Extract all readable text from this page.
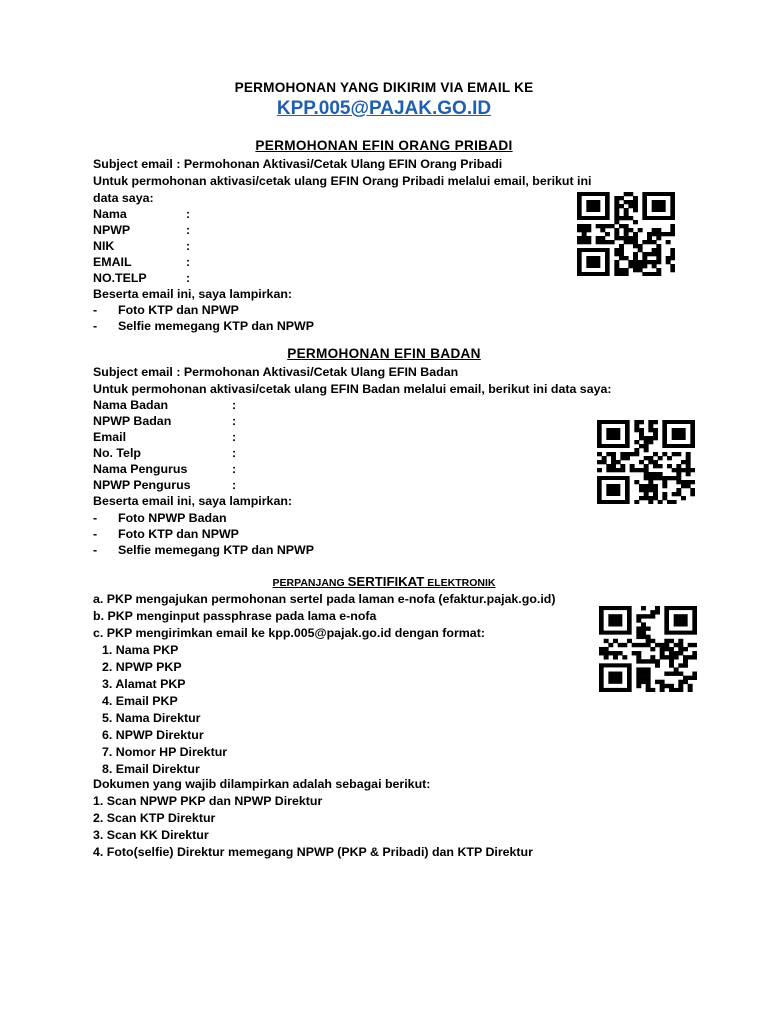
PERMOHONAN YANG DIKIRIM VIA EMAIL KE
KPP.005@PAJAK.GO.ID
PERMOHONAN EFIN ORANG PRIBADI
Subject email : Permohonan Aktivasi/Cetak Ulang EFIN Orang Pribadi
Untuk permohonan aktivasi/cetak ulang EFIN Orang Pribadi melalui email, berikut ini
data saya:
Nama	:
NPWP	:
NIK	:
EMAIL	:
NO.TELP	:
Beserta email ini, saya lampirkan:
- Foto KTP dan NPWP
- Selfie memegang KTP dan NPWP
PERMOHONAN EFIN BADAN
Subject email : Permohonan Aktivasi/Cetak Ulang EFIN Badan
Untuk permohonan aktivasi/cetak ulang EFIN Badan melalui email, berikut ini data saya:
Nama Badan	:
NPWP Badan	:
Email	:
No. Telp	:
Nama Pengurus	:
NPWP Pengurus	:
Beserta email ini, saya lampirkan:
- Foto NPWP Badan
- Foto KTP dan NPWP
- Selfie memegang KTP dan NPWP
PERPANJANG SERTIFIKAT ELEKTRONIK
a. PKP mengajukan permohonan sertel pada laman e-nofa (efaktur.pajak.go.id)
b. PKP menginput passphrase pada lama e-nofa
c. PKP mengirimkan email ke kpp.005@pajak.go.id dengan format:
1. Nama PKP
2. NPWP PKP
3. Alamat PKP
4. Email PKP
5. Nama Direktur
6. NPWP Direktur
7. Nomor HP Direktur
8. Email Direktur
Dokumen yang wajib dilampirkan adalah sebagai berikut:
1. Scan NPWP PKP dan NPWP Direktur
2. Scan KTP Direktur
3. Scan KK Direktur
4. Foto(selfie) Direktur memegang NPWP (PKP & Pribadi) dan KTP Direktur
